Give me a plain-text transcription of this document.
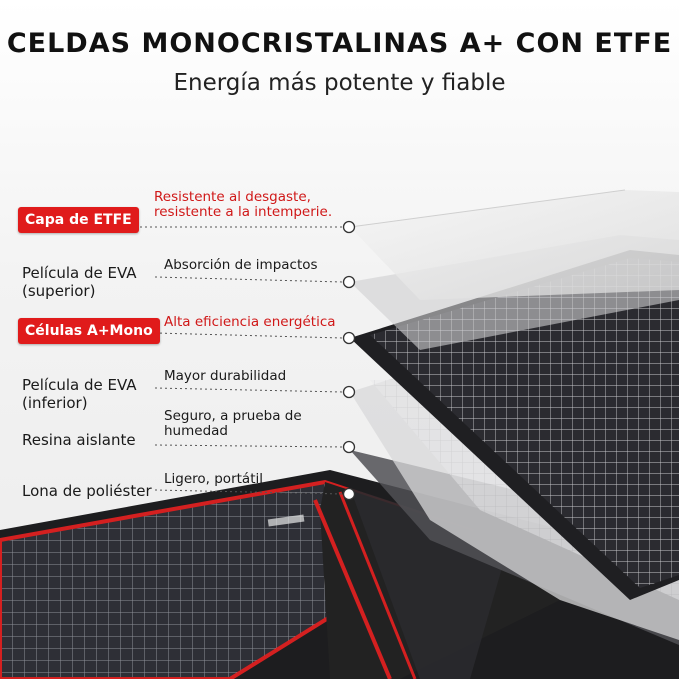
CELDAS MONOCRISTALINAS A+ CON ETFE
Energía más potente y fiable
Capa de ETFE
Resistente al desgaste, resistente a la intemperie.
Película de EVA (superior)
Absorción de impactos
Células A+Mono
Alta eficiencia energética
Película de EVA (inferior)
Mayor durabilidad
Resina aislante
Seguro, a prueba de humedad
Lona de poliéster
Ligero, portátil
